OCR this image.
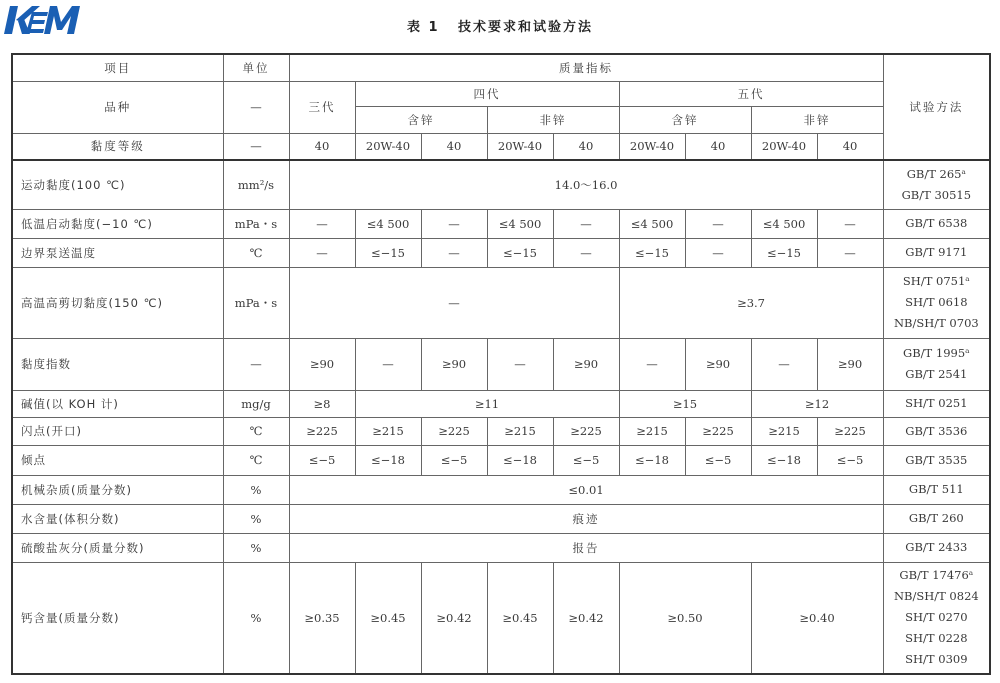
表 1 技术要求和试验方法
项目	单位	质量指标									试验方法
品种	—	三代	四代				五代				
			含锌		非锌		含锌		非锌		
黏度等级	—	40	20W-40	40	20W-40	40	20W-40	40	20W-40	40	
运动黏度(100 ℃)	mm²/s	14.0～16.0									GB/T 265ᵃ
GB/T 30515

低温启动黏度(−10 ℃)	mPa・s	—	≤4 500	—	≤4 500	—	≤4 500	—	≤4 500	—	GB/T 6538

边界泵送温度	℃	—	≤−15	—	≤−15	—	≤−15	—	≤−15	—	GB/T 9171

高温高剪切黏度(150 ℃)	mPa・s	—					≥3.7				SH/T 0751ᵃ
SH/T 0618
NB/SH/T 0703

黏度指数	—	≥90	—	≥90	—	≥90	—	≥90	—	≥90	GB/T 1995ᵃ
GB/T 2541

碱值(以 KOH 计)	mg/g	≥8	≥11				≥15		≥12		SH/T 0251

闪点(开口)	℃	≥225	≥215	≥225	≥215	≥225	≥215	≥225	≥215	≥225	GB/T 3536

倾点	℃	≤−5	≤−18	≤−5	≤−18	≤−5	≤−18	≤−5	≤−18	≤−5	GB/T 3535

机械杂质(质量分数)	%	≤0.01									GB/T 511

水含量(体积分数)	%	痕迹									GB/T 260

硫酸盐灰分(质量分数)	%	报告									GB/T 2433

钙含量(质量分数)	%	≥0.35	≥0.45	≥0.42	≥0.45	≥0.42	≥0.50		≥0.40		GB/T 17476ᵃ
NB/SH/T 0824
SH/T 0270
SH/T 0228
SH/T 0309
